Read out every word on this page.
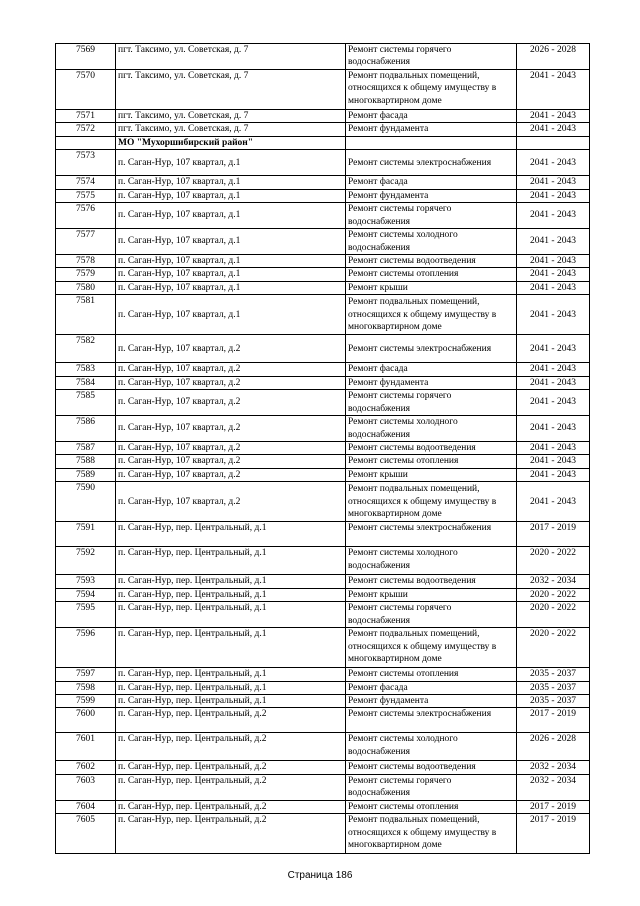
7569	пгт. Таксимо, ул. Советская, д. 7	Ремонт системы горячего водоснабжения	2026 - 2028
7570	пгт. Таксимо, ул. Советская, д. 7	Ремонт подвальных помещений, относящихся к общему имуществу в многоквартирном доме	2041 - 2043
7571	пгт. Таксимо, ул. Советская, д. 7	Ремонт фасада	2041 - 2043
7572	пгт. Таксимо, ул. Советская, д. 7	Ремонт фундамента	2041 - 2043
	МО "Мухоршибирский район"		
7573	п. Саган-Нур, 107 квартал, д.1	Ремонт системы электроснабжения	2041 - 2043
7574	п. Саган-Нур, 107 квартал, д.1	Ремонт фасада	2041 - 2043
7575	п. Саган-Нур, 107 квартал, д.1	Ремонт фундамента	2041 - 2043
7576	п. Саган-Нур, 107 квартал, д.1	Ремонт системы горячего водоснабжения	2041 - 2043
7577	п. Саган-Нур, 107 квартал, д.1	Ремонт системы холодного водоснабжения	2041 - 2043
7578	п. Саган-Нур, 107 квартал, д.1	Ремонт системы водоотведения	2041 - 2043
7579	п. Саган-Нур, 107 квартал, д.1	Ремонт системы отопления	2041 - 2043
7580	п. Саган-Нур, 107 квартал, д.1	Ремонт крыши	2041 - 2043
7581	п. Саган-Нур, 107 квартал, д.1	Ремонт подвальных помещений, относящихся к общему имуществу в многоквартирном доме	2041 - 2043
7582	п. Саган-Нур, 107 квартал, д.2	Ремонт системы электроснабжения	2041 - 2043
7583	п. Саган-Нур, 107 квартал, д.2	Ремонт фасада	2041 - 2043
7584	п. Саган-Нур, 107 квартал, д.2	Ремонт фундамента	2041 - 2043
7585	п. Саган-Нур, 107 квартал, д.2	Ремонт системы горячего водоснабжения	2041 - 2043
7586	п. Саган-Нур, 107 квартал, д.2	Ремонт системы холодного водоснабжения	2041 - 2043
7587	п. Саган-Нур, 107 квартал, д.2	Ремонт системы водоотведения	2041 - 2043
7588	п. Саган-Нур, 107 квартал, д.2	Ремонт системы отопления	2041 - 2043
7589	п. Саган-Нур, 107 квартал, д.2	Ремонт крыши	2041 - 2043
7590	п. Саган-Нур, 107 квартал, д.2	Ремонт подвальных помещений, относящихся к общему имуществу в многоквартирном доме	2041 - 2043
7591	п. Саган-Нур, пер. Центральный, д.1	Ремонт системы электроснабжения	2017 - 2019
7592	п. Саган-Нур, пер. Центральный, д.1	Ремонт системы холодного водоснабжения	2020 - 2022
7593	п. Саган-Нур, пер. Центральный, д.1	Ремонт системы водоотведения	2032 - 2034
7594	п. Саган-Нур, пер. Центральный, д.1	Ремонт крыши	2020 - 2022
7595	п. Саган-Нур, пер. Центральный, д.1	Ремонт системы горячего водоснабжения	2020 - 2022
7596	п. Саган-Нур, пер. Центральный, д.1	Ремонт подвальных помещений, относящихся к общему имуществу в многоквартирном доме	2020 - 2022
7597	п. Саган-Нур, пер. Центральный, д.1	Ремонт системы отопления	2035 - 2037
7598	п. Саган-Нур, пер. Центральный, д.1	Ремонт фасада	2035 - 2037
7599	п. Саган-Нур, пер. Центральный, д.1	Ремонт фундамента	2035 - 2037
7600	п. Саган-Нур, пер. Центральный, д.2	Ремонт системы электроснабжения	2017 - 2019
7601	п. Саган-Нур, пер. Центральный, д.2	Ремонт системы холодного водоснабжения	2026 - 2028
7602	п. Саган-Нур, пер. Центральный, д.2	Ремонт системы водоотведения	2032 - 2034
7603	п. Саган-Нур, пер. Центральный, д.2	Ремонт системы горячего водоснабжения	2032 - 2034
7604	п. Саган-Нур, пер. Центральный, д.2	Ремонт системы отопления	2017 - 2019
7605	п. Саган-Нур, пер. Центральный, д.2	Ремонт подвальных помещений, относящихся к общему имуществу в многоквартирном доме	2017 - 2019
Страница 186
